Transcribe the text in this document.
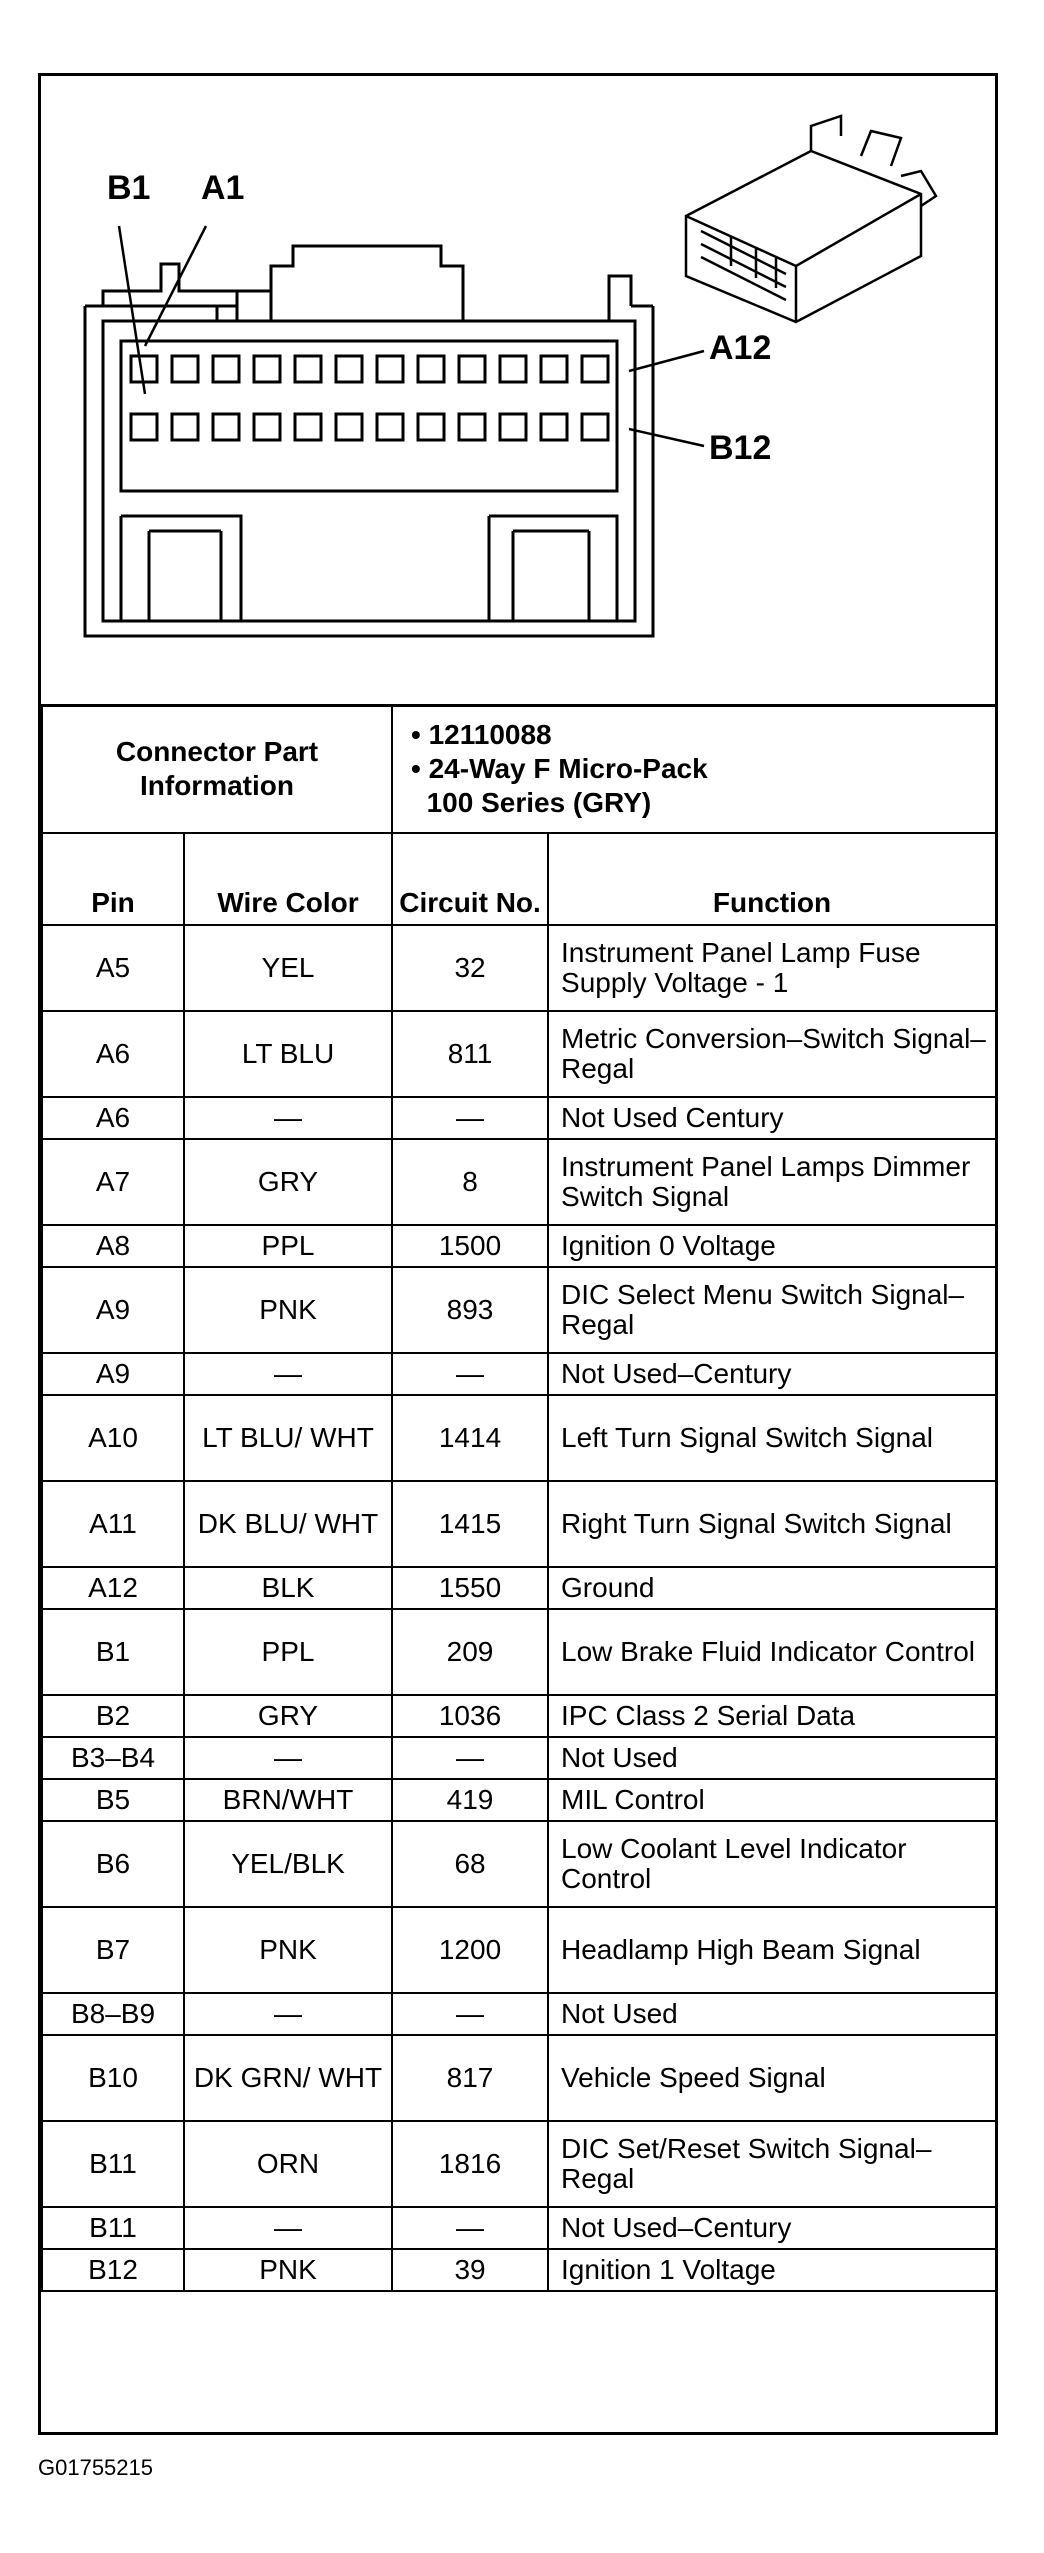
B1 A1
A12
B12
Connector Part Information		• 12110088
• 24-Way F Micro-Pack
100 Series (GRY)	

Pin	Wire Color	Circuit No.	Function
A5	YEL	32	Instrument Panel Lamp Fuse Supply Voltage - 1
A6	LT BLU	811	Metric Conversion–Switch Signal– Regal
A6	—	—	Not Used Century
A7	GRY	8	Instrument Panel Lamps Dimmer Switch Signal
A8	PPL	1500	Ignition 0 Voltage
A9	PNK	893	DIC Select Menu Switch Signal–Regal
A9	—	—	Not Used–Century
A10	LT BLU/ WHT	1414	Left Turn Signal Switch Signal
A11	DK BLU/ WHT	1415	Right Turn Signal Switch Signal
A12	BLK	1550	Ground
B1	PPL	209	Low Brake Fluid Indicator Control
B2	GRY	1036	IPC Class 2 Serial Data
B3–B4	—	—	Not Used
B5	BRN/WHT	419	MIL Control
B6	YEL/BLK	68	Low Coolant Level Indicator Control
B7	PNK	1200	Headlamp High Beam Signal
B8–B9	—	—	Not Used
B10	DK GRN/ WHT	817	Vehicle Speed Signal
B11	ORN	1816	DIC Set/Reset Switch Signal–Regal
B11	—	—	Not Used–Century
B12	PNK	39	Ignition 1 Voltage
G01755215
